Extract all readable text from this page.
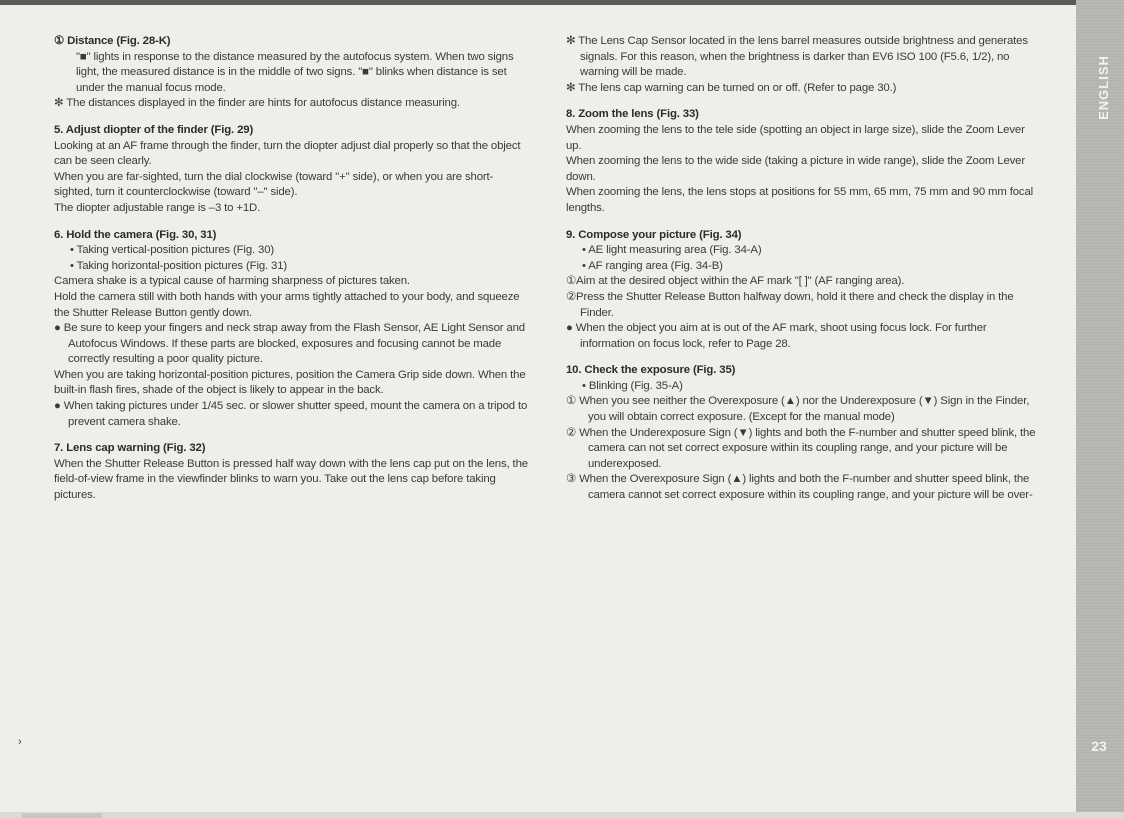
① Distance (Fig. 28-K)

"■" lights in response to the distance measured by the autofocus system. When two signs light, the measured distance is in the middle of two signs. "■" blinks when distance is set under the manual focus mode.

✻ The distances displayed in the finder are hints for autofocus distance measuring.

5. Adjust diopter of the finder (Fig. 29)

Looking at an AF frame through the finder, turn the diopter adjust dial properly so that the object can be seen clearly.

When you are far-sighted, turn the dial clockwise (toward "+" side), or when you are short-sighted, turn it counterclockwise (toward "–" side).

The diopter adjustable range is –3 to +1D.

6. Hold the camera (Fig. 30, 31)

• Taking vertical-position pictures (Fig. 30)

• Taking horizontal-position pictures (Fig. 31)

Camera shake is a typical cause of harming sharpness of pictures taken.

Hold the camera still with both hands with your arms tightly attached to your body, and squeeze the Shutter Release Button gently down.

● Be sure to keep your fingers and neck strap away from the Flash Sensor, AE Light Sensor and Autofocus Windows. If these parts are blocked, exposures and focusing cannot be made correctly resulting a poor quality picture.

When you are taking horizontal-position pictures, position the Camera Grip side down. When the built-in flash fires, shade of the object is likely to appear in the back.

● When taking pictures under 1/45 sec. or slower shutter speed, mount the camera on a tripod to prevent camera shake.

7. Lens cap warning (Fig. 32)

When the Shutter Release Button is pressed half way down with the lens cap put on the lens, the field-of-view frame in the viewfinder blinks to warn you. Take out the lens cap before taking pictures.

✻ The Lens Cap Sensor located in the lens barrel measures outside brightness and generates signals. For this reason, when the brightness is darker than EV6 ISO 100 (F5.6, 1/2), no warning will be made.

✻ The lens cap warning can be turned on or off. (Refer to page 30.)

8. Zoom the lens (Fig. 33)

When zooming the lens to the tele side (spotting an object in large size), slide the Zoom Lever up.

When zooming the lens to the wide side (taking a picture in wide range), slide the Zoom Lever down.

When zooming the lens, the lens stops at positions for 55 mm, 65 mm, 75 mm and 90 mm focal lengths.

9. Compose your picture (Fig. 34)

• AE light measuring area (Fig. 34-A)

• AF ranging area (Fig. 34-B)

①Aim at the desired object within the AF mark "[ ]" (AF ranging area).

②Press the Shutter Release Button halfway down, hold it there and check the display in the Finder.

● When the object you aim at is out of the AF mark, shoot using focus lock. For further information on focus lock, refer to Page 28.

10. Check the exposure (Fig. 35)

• Blinking (Fig. 35-A)

① When you see neither the Overexposure (▲) nor the Underexposure (▼) Sign in the Finder, you will obtain correct exposure. (Except for the manual mode)

② When the Underexposure Sign (▼) lights and both the F-number and shutter speed blink, the camera can not set correct exposure within its coupling range, and your picture will be underexposed.

③ When the Overexposure Sign (▲) lights and both the F-number and shutter speed blink, the camera cannot set correct exposure within its coupling range, and your picture will be over-

›
ENGLISH
23
